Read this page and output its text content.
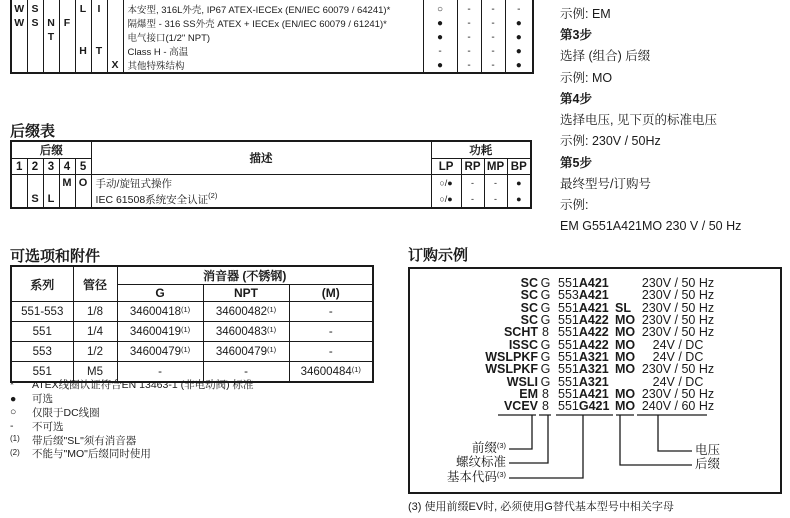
W	S			L	I		本安型, 316L外壳, IP67 ATEX-IECEx (EN/IEC 60079 / 64241)*	○	-	-	-
W	S	N	F				隔爆型 - 316 SS外壳 ATEX + IECEx (EN/IEC 60079 / 61241)*	●	-	-	●
		T					电气接口(1/2" NPT)	●	-	-	●
				H	T		Class H - 高温	-	-	-	●
						X	其他特殊结构	●	-	-	●
后缀表
后缀					描述	功耗			
1	2	3	4	5		LP	RP	MP	BP
			M	O	手动/旋钮式操作	○/●	-	-	●
	S	L			IEC 61508系统安全认证$^{(2)}$	○/●	-	-	●
可选项和附件
系列	管径	消音器 (不锈钢)		
		G	NPT	(M)
551-553	1/8	34600418$^{(1)}$	34600482$^{(1)}$	-
551	1/4	34600419$^{(1)}$	34600483$^{(1)}$	-
553	1/2	34600479$^{(1)}$	34600479$^{(1)}$	-
551	M5	-	-	34600484$^{(1)}$
*	ATEX线圈认证符合EN 13463-1 (非电动阀) 标准
●	可选
○	仅限于DC线圈
-	不可选
(1)	带后缀"SL"须有消音器
(2)	不能与"MO"后缀同时使用
示例: EM
第3步
选择 (组合) 后缀
示例: MO
第4步
选择电压, 见下页的标准电压
示例: 230V / 50Hz
第5步
最终型号/订购号
示例:
EM G551A421MO 230 V / 50 Hz
订购示例
SC G 551A421	230V / 50 Hz
SC G 553A421	230V / 50 Hz
SC G 551A421 SL 230V / 50 Hz
SC G 551A422 MO 230V / 50 Hz
SCHT 8 551A422 MO 230V / 50 Hz
ISSC G 551A422 MO	24V / DC
WSLPKF G 551A321 MO	24V / DC
WSLPKF G 551A321 MO 230V / 50 Hz
WSLI G 551A321	24V / DC
EM 8 551A421 MO 230V / 50 Hz
VCEV 8 551G421 MO 240V / 60 Hz
前缀$^{(3)}$
螺纹标准
基本代码$^{(3)}$
电压
后缀
(3) 使用前缀EV时, 必须使用G替代基本型号中相关字母
